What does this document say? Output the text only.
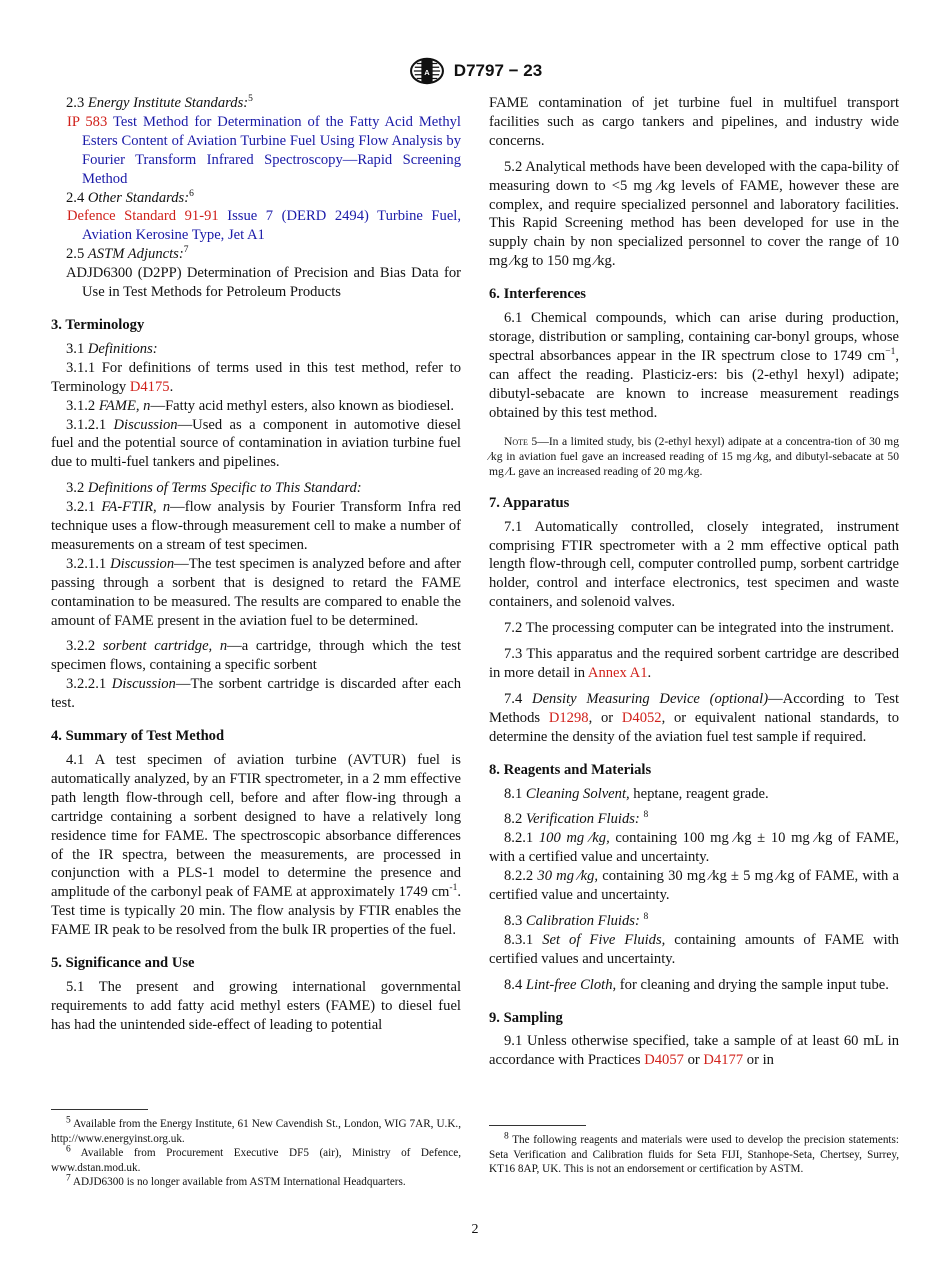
A D7797 − 23

2.3 Energy Institute Standards:$^5$

IP 583 Test Method for Determination of the Fatty Acid Methyl Esters Content of Aviation Turbine Fuel Using Flow Analysis by Fourier Transform Infrared Spectroscopy—Rapid Screening Method

2.4 Other Standards:$^6$

Defence Standard 91-91 Issue 7 (DERD 2494) Turbine Fuel, Aviation Kerosine Type, Jet A1

2.5 ASTM Adjuncts:$^7$

ADJD6300 (D2PP) Determination of Precision and Bias Data for Use in Test Methods for Petroleum Products

3. Terminology

3.1 Definitions:

3.1.1 For definitions of terms used in this test method, refer to Terminology D4175.

3.1.2 FAME, n—Fatty acid methyl esters, also known as biodiesel.

3.1.2.1 Discussion—Used as a component in automotive diesel fuel and the potential source of contamination in aviation turbine fuel due to multi-fuel tankers and pipelines.

3.2 Definitions of Terms Specific to This Standard:

3.2.1 FA-FTIR, n—flow analysis by Fourier Transform Infra red technique uses a flow-through measurement cell to make a number of measurements on a stream of test specimen.

3.2.1.1 Discussion—The test specimen is analyzed before and after passing through a sorbent that is designed to retard the FAME contamination to be measured. The results are compared to enable the amount of FAME present in the aviation fuel to be determined.

3.2.2 sorbent cartridge, n—a cartridge, through which the test specimen flows, containing a specific sorbent

3.2.2.1 Discussion—The sorbent cartridge is discarded after each test.

4. Summary of Test Method

4.1 A test specimen of aviation turbine (AVTUR) fuel is automatically analyzed, by an FTIR spectrometer, in a 2 mm effective path length flow-through cell, before and after flow-ing through a cartridge containing a sorbent designed to have a relatively long residence time for FAME. The spectroscopic absorbance differences of the IR spectra, between the measurements, are processed in conjunction with a PLS-1 model to determine the presence and amplitude of the carbonyl peak of FAME at approximately 1749 $cm^{-1}$. Test time is typically 20 min. The flow analysis by FTIR enables the FAME IR peak to be resolved from the bulk IR properties of the fuel.

5. Significance and Use

5.1 The present and growing international governmental requirements to add fatty acid methyl esters (FAME) to diesel fuel has had the unintended side-effect of leading to potential

$^5$ Available from the Energy Institute, 61 New Cavendish St., London, WIG 7AR, U.K., http://www.energyinst.org.uk.

$^6$ Available from Procurement Executive DF5 (air), Ministry of Defence, www.dstan.mod.uk.

$^7$ ADJD6300 is no longer available from ASTM International Headquarters.

FAME contamination of jet turbine fuel in multifuel transport facilities such as cargo tankers and pipelines, and industry wide concerns.

5.2 Analytical methods have been developed with the capa-bility of measuring down to <5 mg ⁄kg levels of FAME, however these are complex, and require specialized personnel and laboratory facilities. This Rapid Screening method has been developed for use in the supply chain by non specialized personnel to cover the range of 10 mg ⁄kg to 150 mg ⁄kg.

6. Interferences

6.1 Chemical compounds, which can arise during production, storage, distribution or sampling, containing car-bonyl groups, whose spectral absorbances appear in the IR spectrum close to 1749 $cm^{-1}$, can affect the reading. Plasticiz-ers: bis (2-ethyl hexyl) adipate; dibutyl-sebacate are known to increase measurement readings obtained by this test method.

Note 5—In a limited study, bis (2-ethyl hexyl) adipate at a concentra-tion of 30 mg ⁄kg in aviation fuel gave an increased reading of 15 mg ⁄kg, and dibutyl-sebacate at 50 mg ⁄L gave an increased reading of 20 mg ⁄kg.

7. Apparatus

7.1 Automatically controlled, closely integrated, instrument comprising FTIR spectrometer with a 2 mm effective optical path length flow-through cell, computer controlled pump, sorbent cartridge holder, control and interface electronics, test specimen and waste containers, and solenoid valves.

7.2 The processing computer can be integrated into the instrument.

7.3 This apparatus and the required sorbent cartridge are described in more detail in Annex A1.

7.4 Density Measuring Device (optional)—According to Test Methods D1298, or D4052, or equivalent national standards, to determine the density of the aviation fuel test sample if required.

8. Reagents and Materials

8.1 Cleaning Solvent, heptane, reagent grade.

8.2 Verification Fluids: $^8$

8.2.1 100 mg ⁄kg, containing 100 mg ⁄kg ± 10 mg ⁄kg of FAME, with a certified value and uncertainty.

8.2.2 30 mg ⁄kg, containing 30 mg ⁄kg ± 5 mg ⁄kg of FAME, with a certified value and uncertainty.

8.3 Calibration Fluids: $^8$

8.3.1 Set of Five Fluids, containing amounts of FAME with certified values and uncertainty.

8.4 Lint-free Cloth, for cleaning and drying the sample input tube.

9. Sampling

9.1 Unless otherwise specified, take a sample of at least 60 mL in accordance with Practices D4057 or D4177 or in

$^8$ The following reagents and materials were used to develop the precision statements: Seta Verification and Calibration fluids for Seta FIJI, Stanhope-Seta, Chertsey, Surrey, KT16 8AP, UK. This is not an endorsement or certification by ASTM.

2
